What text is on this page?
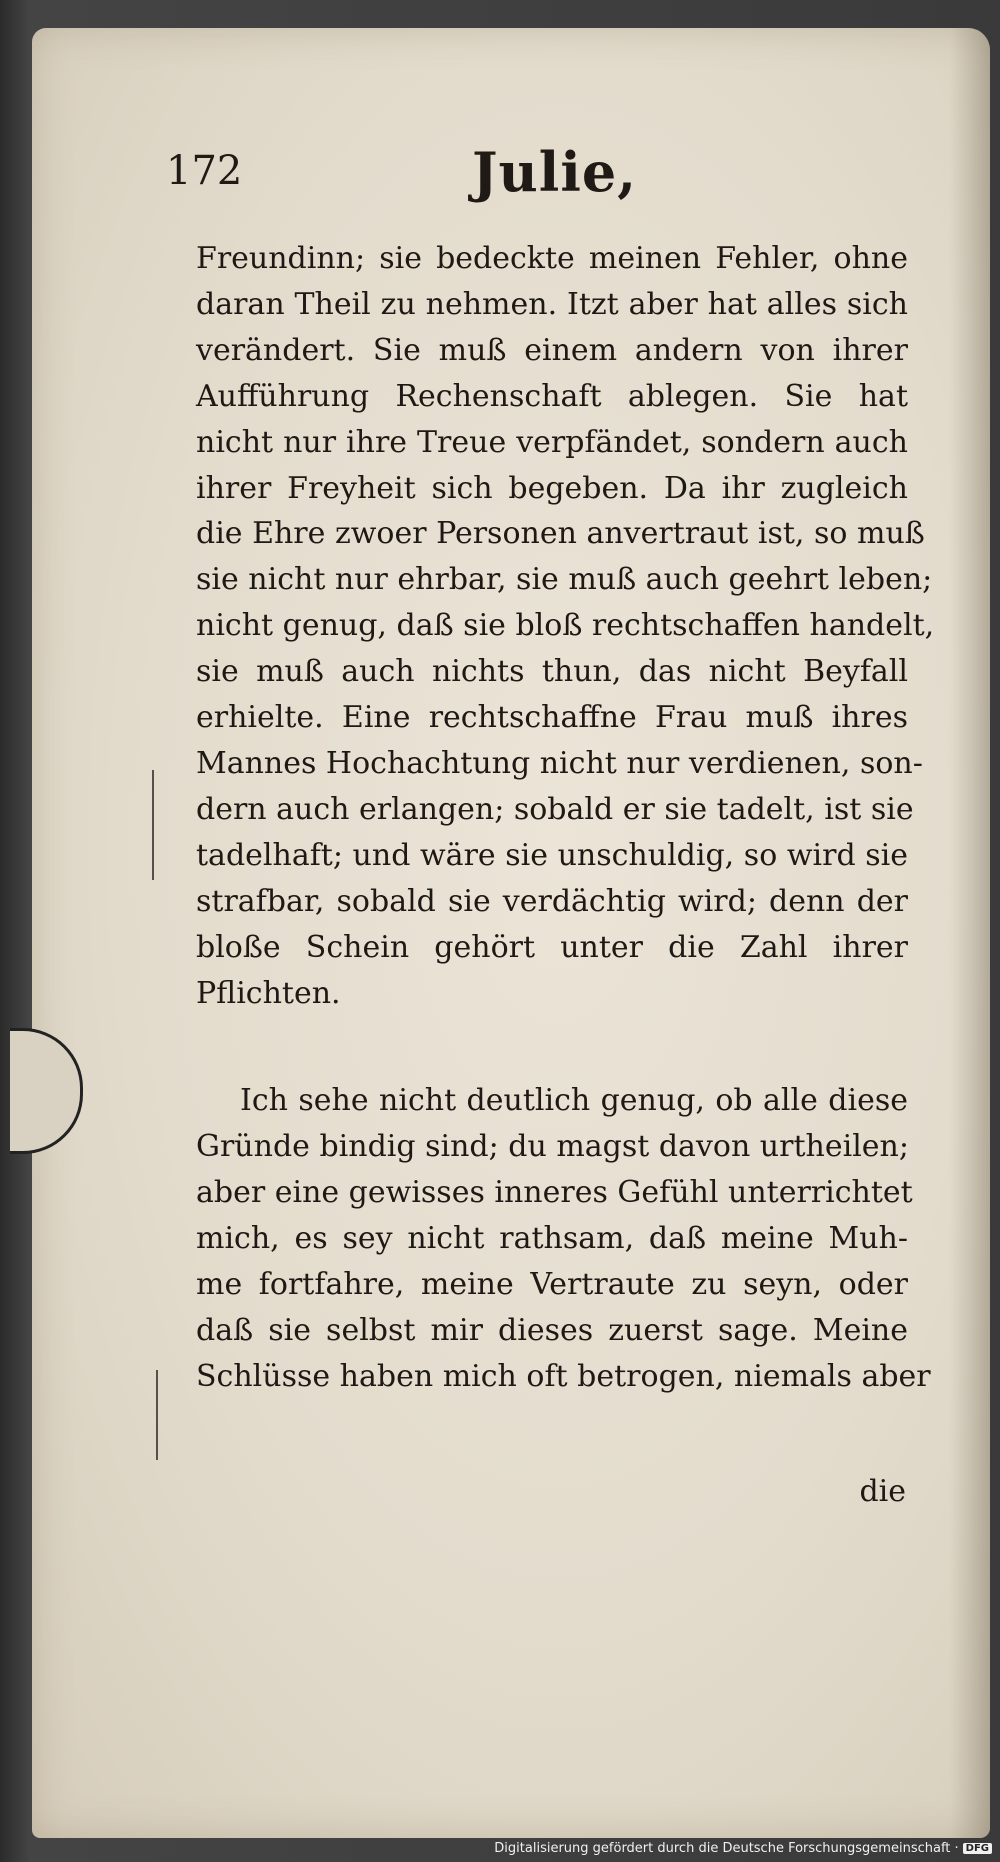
172	Julie,
Freundinn; sie bedeckte meinen Fehler, ohne
daran Theil zu nehmen. Itzt aber hat alles sich
verändert. Sie muß einem andern von ihrer
Aufführung Rechenschaft ablegen. Sie hat
nicht nur ihre Treue verpfändet, sondern auch
ihrer Freyheit sich begeben. Da ihr zugleich
die Ehre zwoer Personen anvertraut ist, so muß
sie nicht nur ehrbar, sie muß auch geehrt leben;
nicht genug, daß sie bloß rechtschaffen handelt,
sie muß auch nichts thun, das nicht Beyfall
erhielte. Eine rechtschaffne Frau muß ihres
Mannes Hochachtung nicht nur verdienen, son-
dern auch erlangen; sobald er sie tadelt, ist sie
tadelhaft; und wäre sie unschuldig, so wird sie
strafbar, sobald sie verdächtig wird; denn der
bloße Schein gehört unter die Zahl ihrer
Pflichten.
Ich sehe nicht deutlich genug, ob alle diese
Gründe bindig sind; du magst davon urtheilen;
aber eine gewisses inneres Gefühl unterrichtet
mich, es sey nicht rathsam, daß meine Muh-
me fortfahre, meine Vertraute zu seyn, oder
daß sie selbst mir dieses zuerst sage. Meine
Schlüsse haben mich oft betrogen, niemals aber
die
Digitalisierung gefördert durch die Deutsche Forschungsgemeinschaft · DFG
